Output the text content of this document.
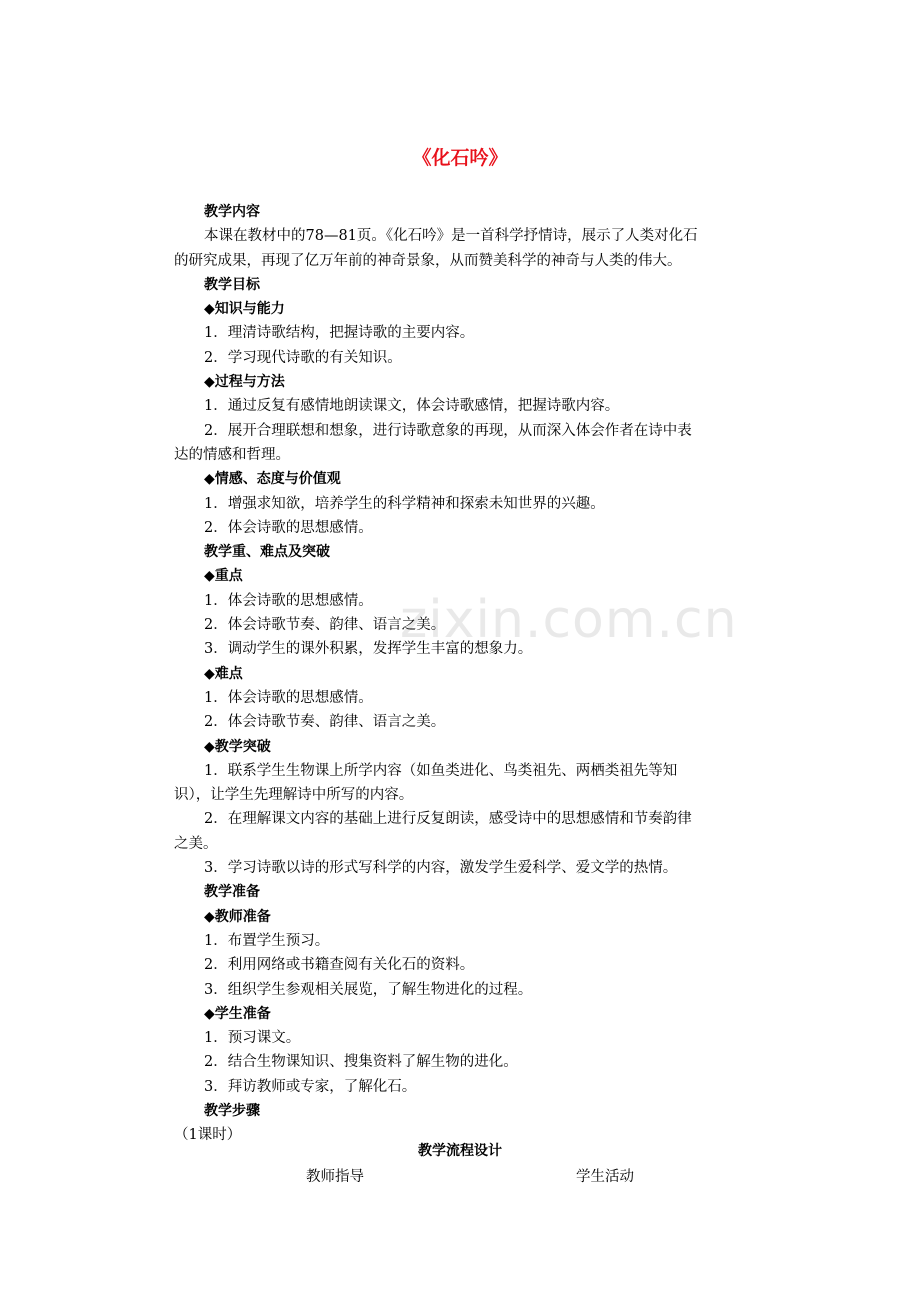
zixin.com.cn
《化石吟》
教学内容
本课在教材中的78—81页。《化石吟》是一首科学抒情诗，展示了人类对化石
的研究成果，再现了亿万年前的神奇景象，从而赞美科学的神奇与人类的伟大。
教学目标
◆知识与能力
1．理清诗歌结构，把握诗歌的主要内容。
2．学习现代诗歌的有关知识。
◆过程与方法
1．通过反复有感情地朗读课文，体会诗歌感情，把握诗歌内容。
2．展开合理联想和想象，进行诗歌意象的再现，从而深入体会作者在诗中表
达的情感和哲理。
◆情感、态度与价值观
1．增强求知欲，培养学生的科学精神和探索未知世界的兴趣。
2．体会诗歌的思想感情。
教学重、难点及突破
◆重点
1．体会诗歌的思想感情。
2．体会诗歌节奏、韵律、语言之美。
3．调动学生的课外积累，发挥学生丰富的想象力。
◆难点
1．体会诗歌的思想感情。
2．体会诗歌节奏、韵律、语言之美。
◆教学突破
1．联系学生生物课上所学内容（如鱼类进化、鸟类祖先、两栖类祖先等知
识），让学生先理解诗中所写的内容。
2．在理解课文内容的基础上进行反复朗读，感受诗中的思想感情和节奏韵律
之美。
3．学习诗歌以诗的形式写科学的内容，激发学生爱科学、爱文学的热情。
教学准备
◆教师准备
1．布置学生预习。
2．利用网络或书籍查阅有关化石的资料。
3．组织学生参观相关展览，了解生物进化的过程。
◆学生准备
1．预习课文。
2．结合生物课知识、搜集资料了解生物的进化。
3．拜访教师或专家，了解化石。
教学步骤
（1课时）
教学流程设计
教师指导	学生活动
